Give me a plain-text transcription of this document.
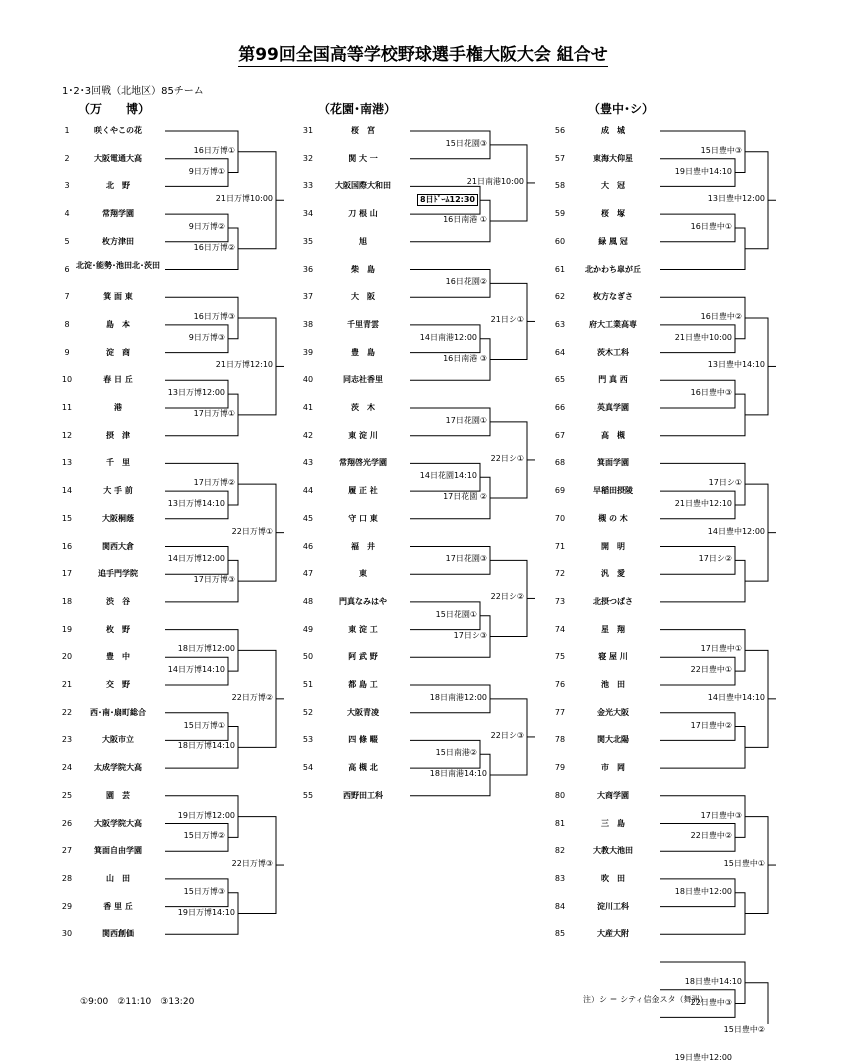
第99回全国高等学校野球選手権大阪大会 組合せ
1･2･3回戦（北地区）85チーム
（万　　博）	（花園･南港）	（豊中･シ）
1	咲くやこの花
2	大阪電通大高
3	北　野
4	常翔学園
5	枚方津田
6 北淀･能勢･池田北･茨田
7	箕 面 東
8	島　本
9	淀　商
10	春 日 丘
11	港
12	摂　津
13	千　里
14	大 手 前
15	大阪桐蔭
16	関西大倉
17	追手門学院
18	渋　谷
19	枚　野
20	豊　中
21	交　野
22	西･南･扇町総合
23	大阪市立
24	太成学院大高
25	園　芸
26	大阪学院大高
27	箕面自由学園
28	山　田
29	香 里 丘
30	関西創価
9日万博①
16日万博①
9日万博②
16日万博②
21日万博10:00
9日万博③
16日万博③
13日万博12:00
17日万博①
21日万博12:10
13日万博14:10
17日万博②
14日万博12:00
17日万博③
22日万博①
14日万博14:10
18日万博12:00
15日万博①
18日万博14:10
22日万博②
15日万博②
19日万博12:00
15日万博③
19日万博14:10
22日万博③
31	桜　宮
32	関 大 一
33	大阪国際大和田
34	刀 根 山
35	旭
36	柴　島
37	大　阪
38	千里青雲
39	豊　島
40	同志社香里
41	茨　木
42	東 淀 川
43	常翔啓光学園
44	履 正 社
45	守 口 東
46	福　井
47	東
48	門真なみはや
49	東 淀 工
50	阿 武 野
51	都 島 工
52	大阪青凌
53	四 條 畷
54	高 槻 北
55	西野田工科
15日花園③
8日ﾄﾞｰﾑ12:30
16日南港 ①
21日南港10:00
16日花園②
14日南港12:00
16日南港 ③
21日シ①
17日花園①
14日花園14:10
17日花園 ②
22日シ①
17日花園③
15日花園①
17日シ③
22日シ②
18日南港12:00
15日南港②
18日南港14:10
22日シ③
56	成　城
57	東海大仰星
58	大　冠
59	桜　塚
60	緑 風 冠
61	北かわち皐が丘
62	枚方なぎさ
63	府大工業高専
64	茨木工科
65	門 真 西
66	英真学園
67	高　槻
68	箕面学園
69	早稲田摂陵
70	槻 の 木
71	開　明
72	汎　愛
73	北摂つばさ
74	星　翔
75	寝 屋 川
76	池　田
77	金光大阪
78	関大北陽
79	市　岡
80	大商学園
81	三　島
82	大教大池田
83	吹　田
84	淀川工科
85	大産大附
19日豊中14:10
15日豊中③
16日豊中①
13日豊中12:00
21日豊中10:00
16日豊中②
16日豊中③
13日豊中14:10
21日豊中12:10
17日シ①
17日シ②
14日豊中12:00
22日豊中①
17日豊中①
17日豊中②
14日豊中14:10
22日豊中②
17日豊中③
18日豊中12:00
15日豊中①
22日豊中③
18日豊中14:10
19日豊中12:00
15日豊中②
①9:00　②11:10　③13:20	注）シ ＝ シティ信金スタ（舞洲）
